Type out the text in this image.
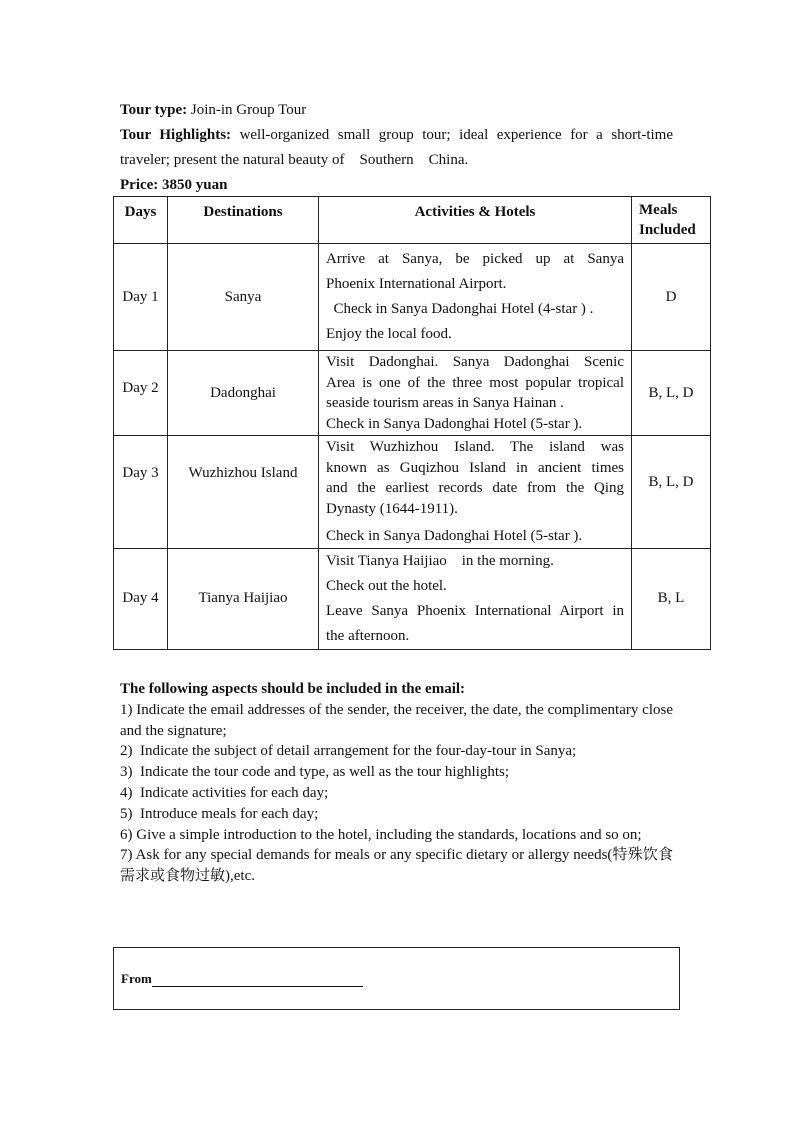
Tour type: Join-in Group Tour
Tour Highlights: well-organized small group tour; ideal experience for a short-time
traveler; present the natural beauty of    Southern    China.
Price: 3850 yuan
Days	Destinations	Activities & Hotels	Meals Included
Day 1	Sanya	Arrive at Sanya, be picked up at Sanya

Phoenix International Airport.

Check in Sanya Dadonghai Hotel (4-star ) .

Enjoy the local food.	D
Day 2	Dadonghai	Visit Dadonghai. Sanya Dadonghai Scenic

Area is one of the three most popular tropical

seaside tourism areas in Sanya Hainan .

Check in Sanya Dadonghai Hotel (5-star ).	B, L, D
Day 3	Wuzhizhou Island	Visit Wuzhizhou Island. The island was

known as Guqizhou Island in ancient times

and the earliest records date from the Qing

Dynasty (1644-1911).

Check in Sanya Dadonghai Hotel (5-star ).	B, L, D
Day 4	Tianya Haijiao	Visit Tianya Haijiao    in the morning.

Check out the hotel.

Leave Sanya Phoenix International Airport in

the afternoon.	B, L

The following aspects should be included in the email:

1) Indicate the email addresses of the sender, the receiver, the date, the complimentary close and the signature;

2)  Indicate the subject of detail arrangement for the four-day-tour in Sanya;

3)  Indicate the tour code and type, as well as the tour highlights;

4)  Indicate activities for each day;

5)  Introduce meals for each day;

6) Give a simple introduction to the hotel, including the standards, locations and so on;

7) Ask for any special demands for meals or any specific dietary or allergy needs(特殊饮食需求或食物过敏),etc.

From
